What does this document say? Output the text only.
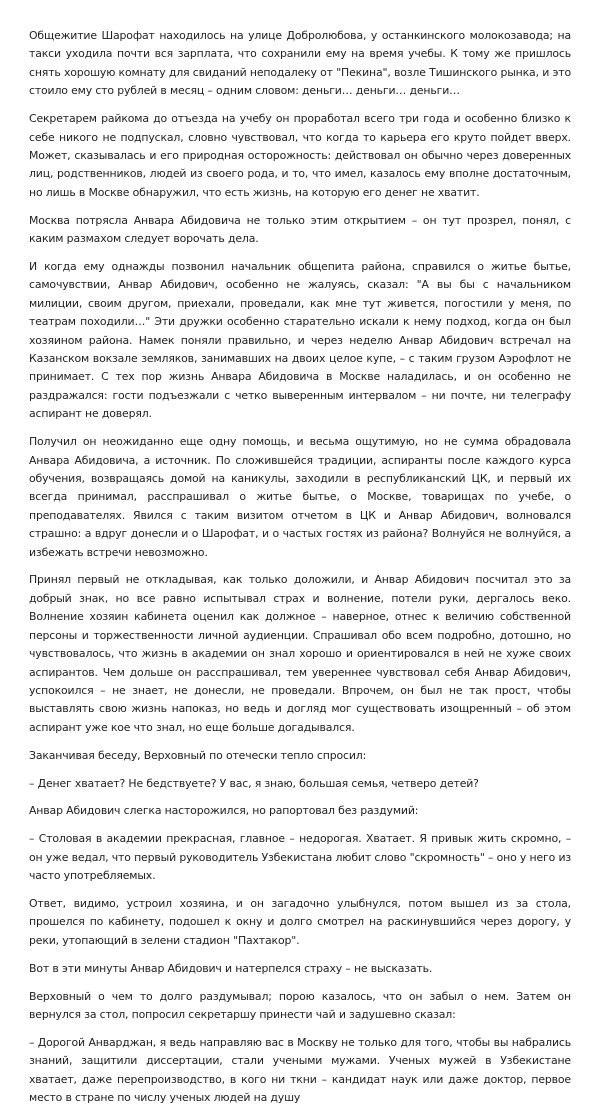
Общежитие Шарофат находилось на улице Добролюбова, у останкинского молокозавода; на такси уходила почти вся зарплата, что сохранили ему на время учебы. К тому же пришлось снять хорошую комнату для свиданий неподалеку от "Пекина", возле Тишинского рынка, и это стоило ему сто рублей в месяц – одним словом: деньги… деньги… деньги…

Секретарем райкома до отъезда на учебу он проработал всего три года и особенно близко к себе никого не подпускал, словно чувствовал, что когда то карьера его круто пойдет вверх. Может, сказывалась и его природная осторожность: действовал он обычно через доверенных лиц, родственников, людей из своего рода, и то, что имел, казалось ему вполне достаточным, но лишь в Москве обнаружил, что есть жизнь, на которую его денег не хватит.

Москва потрясла Анвара Абидовича не только этим открытием – он тут прозрел, понял, с каким размахом следует ворочать дела.

И когда ему однажды позвонил начальник общепита района, справился о житье бытье, самочувствии, Анвар Абидович, особенно не жалуясь, сказал: "А вы бы с начальником милиции, своим другом, приехали, проведали, как мне тут живется, погостили у меня, по театрам походили…" Эти дружки особенно старательно искали к нему подход, когда он был хозяином района. Намек поняли правильно, и через неделю Анвар Абидович встречал на Казанском вокзале земляков, занимавших на двоих целое купе, – с таким грузом Аэрофлот не принимает. С тех пор жизнь Анвара Абидовича в Москве наладилась, и он особенно не раздражался: гости подъезжали с четко выверенным интервалом – ни почте, ни телеграфу аспирант не доверял.

Получил он неожиданно еще одну помощь, и весьма ощутимую, но не сумма обрадовала Анвара Абидовича, а источник. По сложившейся традиции, аспиранты после каждого курса обучения, возвращаясь домой на каникулы, заходили в республиканский ЦК, и первый их всегда принимал, расспрашивал о житье бытье, о Москве, товарищах по учебе, о преподавателях. Явился с таким визитом отчетом в ЦК и Анвар Абидович, волновался страшно: а вдруг донесли и о Шарофат, и о частых гостях из района? Волнуйся не волнуйся, а избежать встречи невозможно.

Принял первый не откладывая, как только доложили, и Анвар Абидович посчитал это за добрый знак, но все равно испытывал страх и волнение, потели руки, дергалось веко. Волнение хозяин кабинета оценил как должное – наверное, отнес к величию собственной персоны и торжественности личной аудиенции. Спрашивал обо всем подробно, дотошно, но чувствовалось, что жизнь в академии он знал хорошо и ориентировался в ней не хуже своих аспирантов. Чем дольше он расспрашивал, тем увереннее чувствовал себя Анвар Абидович, успокоился – не знает, не донесли, не проведали. Впрочем, он был не так прост, чтобы выставлять свою жизнь напоказ, но ведь и догляд мог существовать изощренный – об этом аспирант уже кое что знал, но еще больше догадывался.

Заканчивая беседу, Верховный по отечески тепло спросил:

– Денег хватает? Не бедствуете? У вас, я знаю, большая семья, четверо детей?

Анвар Абидович слегка насторожился, но рапортовал без раздумий:

– Столовая в академии прекрасная, главное – недорогая. Хватает. Я привык жить скромно, – он уже ведал, что первый руководитель Узбекистана любит слово "скромность" – оно у него из часто употребляемых.

Ответ, видимо, устроил хозяина, и он загадочно улыбнулся, потом вышел из за стола, прошелся по кабинету, подошел к окну и долго смотрел на раскинувшийся через дорогу, у реки, утопающий в зелени стадион "Пахтакор".

Вот в эти минуты Анвар Абидович и натерпелся страху – не высказать.

Верховный о чем то долго раздумывал; порою казалось, что он забыл о нем. Затем он вернулся за стол, попросил секретаршу принести чай и задушевно сказал:

– Дорогой Анварджан, я ведь направляю вас в Москву не только для того, чтобы вы набрались знаний, защитили диссертации, стали учеными мужами. Ученых мужей в Узбекистане хватает, даже перепроизводство, в кого ни ткни – кандидат наук или даже доктор, первое место в стране по числу ученых людей на душу
